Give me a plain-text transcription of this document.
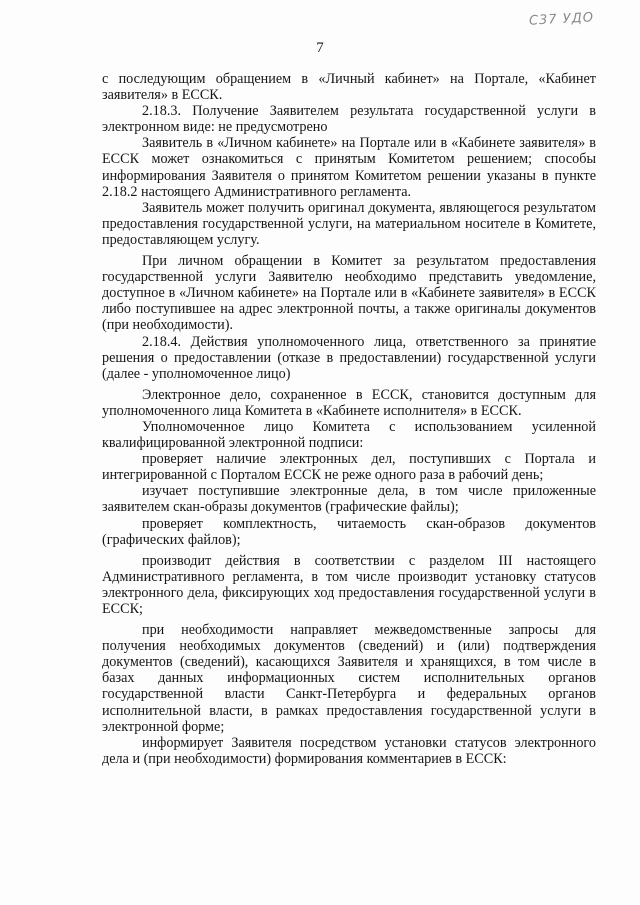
С37 УДО
7

с последующим обращением в «Личный кабинет» на Портале, «Кабинет заявителя» в ЕССК.

2.18.3. Получение Заявителем результата государственной услуги в электронном виде: не предусмотрено

Заявитель в «Личном кабинете» на Портале или в «Кабинете заявителя» в ЕССК может ознакомиться с принятым Комитетом решением; способы информирования Заявителя о принятом Комитетом решении указаны в пункте 2.18.2 настоящего Административного регламента.

Заявитель может получить оригинал документа, являющегося результатом предоставления государственной услуги, на материальном носителе в Комитете, предоставляющем услугу.

При личном обращении в Комитет за результатом предоставления государственной услуги Заявителю необходимо представить уведомление, доступное в «Личном кабинете» на Портале или в «Кабинете заявителя» в ЕССК либо поступившее на адрес электронной почты, а также оригиналы документов (при необходимости).

2.18.4. Действия уполномоченного лица, ответственного за принятие решения о предоставлении (отказе в предоставлении) государственной услуги (далее - уполномоченное лицо)

Электронное дело, сохраненное в ЕССК, становится доступным для уполномоченного лица Комитета в «Кабинете исполнителя» в ЕССК.

Уполномоченное лицо Комитета с использованием усиленной квалифицированной электронной подписи:

проверяет наличие электронных дел, поступивших с Портала и интегрированной с Порталом ЕССК не реже одного раза в рабочий день;

изучает поступившие электронные дела, в том числе приложенные заявителем скан-образы документов (графические файлы);

проверяет комплектность, читаемость скан-образов документов (графических файлов);

производит действия в соответствии с разделом III настоящего Административного регламента, в том числе производит установку статусов электронного дела, фиксирующих ход предоставления государственной услуги в ЕССК;

при необходимости направляет межведомственные запросы для получения необходимых документов (сведений) и (или) подтверждения документов (сведений), касающихся Заявителя и хранящихся, в том числе в базах данных информационных систем исполнительных органов государственной власти Санкт-Петербурга и федеральных органов исполнительной власти, в рамках предоставления государственной услуги в электронной форме;

информирует Заявителя посредством установки статусов электронного дела и (при необходимости) формирования комментариев в ЕССК:
